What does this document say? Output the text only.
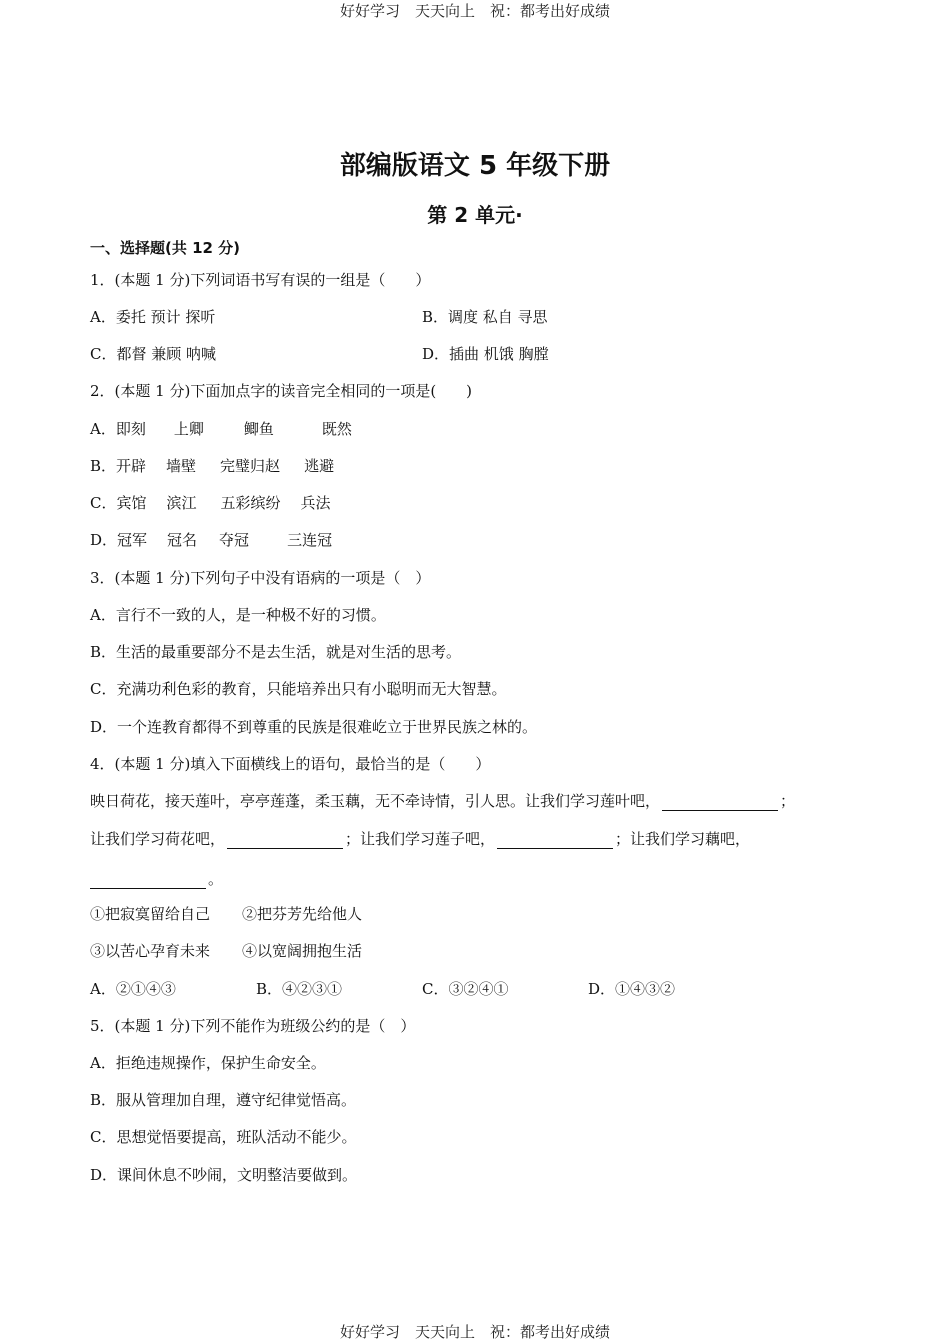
好好学习　天天向上　祝：都考出好成绩
部编版语文 5 年级下册
第 2 单元·
一、选择题(共 12 分)
1．(本题 1 分)下列词语书写有误的一组是（　　）
A．委托 预计 探听	B．调度 私自 寻思
C．都督 兼顾 呐喊	D．插曲 机饿 胸膛
2．(本题 1 分)下面加点字的读音完全相同的一项是(　　)
A．即刻 上卿	鲫鱼	既然
B．开辟 墙壁 完璧归赵 逃避
C．宾馆 滨江 五彩缤纷 兵法
D．冠军 冠名 夺冠	三连冠
3．(本题 1 分)下列句子中没有语病的一项是（　）
A．言行不一致的人，是一种极不好的习惯。
B．生活的最重要部分不是去生活，就是对生活的思考。
C．充满功利色彩的教育，只能培养出只有小聪明而无大智慧。
D．一个连教育都得不到尊重的民族是很难屹立于世界民族之林的。
4．(本题 1 分)填入下面横线上的语句，最恰当的是（　　）
映日荷花，接天莲叶，亭亭莲蓬，柔玉藕，无不牵诗情，引人思。让我们学习莲叶吧，	；
让我们学习荷花吧，	；让我们学习莲子吧，	；让我们学习藕吧，
。
①把寂寞留给自己 ②把芬芳先给他人
③以苦心孕育未来 ④以宽阔拥抱生活
A．②①④③	B．④②③①	C．③②④①	D．①④③②
5．(本题 1 分)下列不能作为班级公约的是（　）
A．拒绝违规操作，保护生命安全。
B．服从管理加自理，遵守纪律觉悟高。
C．思想觉悟要提高，班队活动不能少。
D．课间休息不吵闹，文明整洁要做到。
好好学习　天天向上　祝：都考出好成绩
